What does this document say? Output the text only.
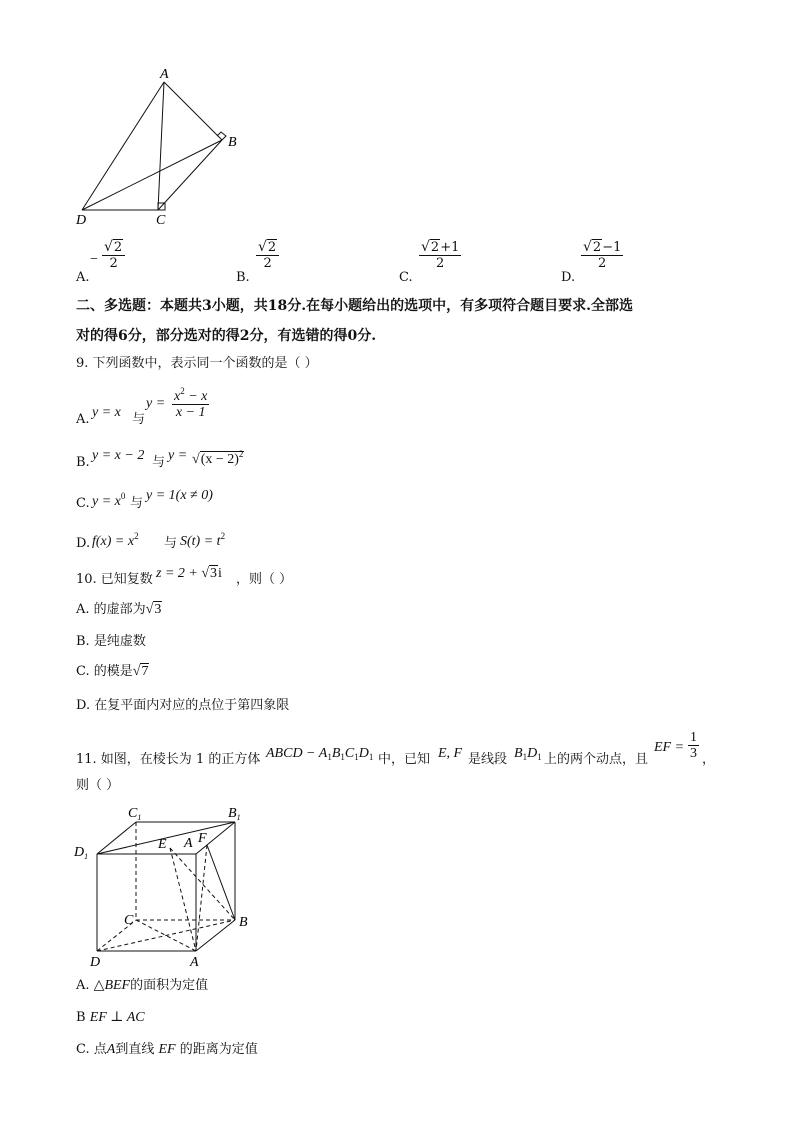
A
B
C
D
A.
− $\frac{√2}{2}$
B.
$\frac{√2}{2}$
C.
$\frac{√2+1}{2}$
D.
$\frac{√2-1}{2}$
二、多选题：本题共3小题，共18分.在每小题给出的选项中，有多项符合题目要求.全部选
对的得6分，部分选对的得2分，有选错的得0分.
9. 下列函数中，表示同一个函数的是（ ）
A. y = x 与
$y = \frac{x^2 - x}{x - 1}$
B. y = x − 2 与 $y = √(x - 2)^2$
C. $y = x^0$ 与
y = 1(x ≠ 0)
D. $f(x) = x^2$ 与 $S(t) = t^2$
10. 已知复数 z = 2 + √3i ，则（ ）
A. 的虚部为√3
B. 是纯虚数
C. 的模是√7
D. 在复平面内对应的点位于第四象限
11. 如图，在棱长为 1 的正方体 ABCD − $A_1B_1C_1D_1$ 中，已知 E, F 是线段 $B_1D_1$ 上的两个动点，且
EF = $\frac{1}{3}$ ，
则（ ）
$C_1$	$B_1$
$D_1$
E A F
C	B
D	A
A. △BEF的面积为定值
B EF ⊥ AC
C. 点A到直线 EF 的距离为定值
